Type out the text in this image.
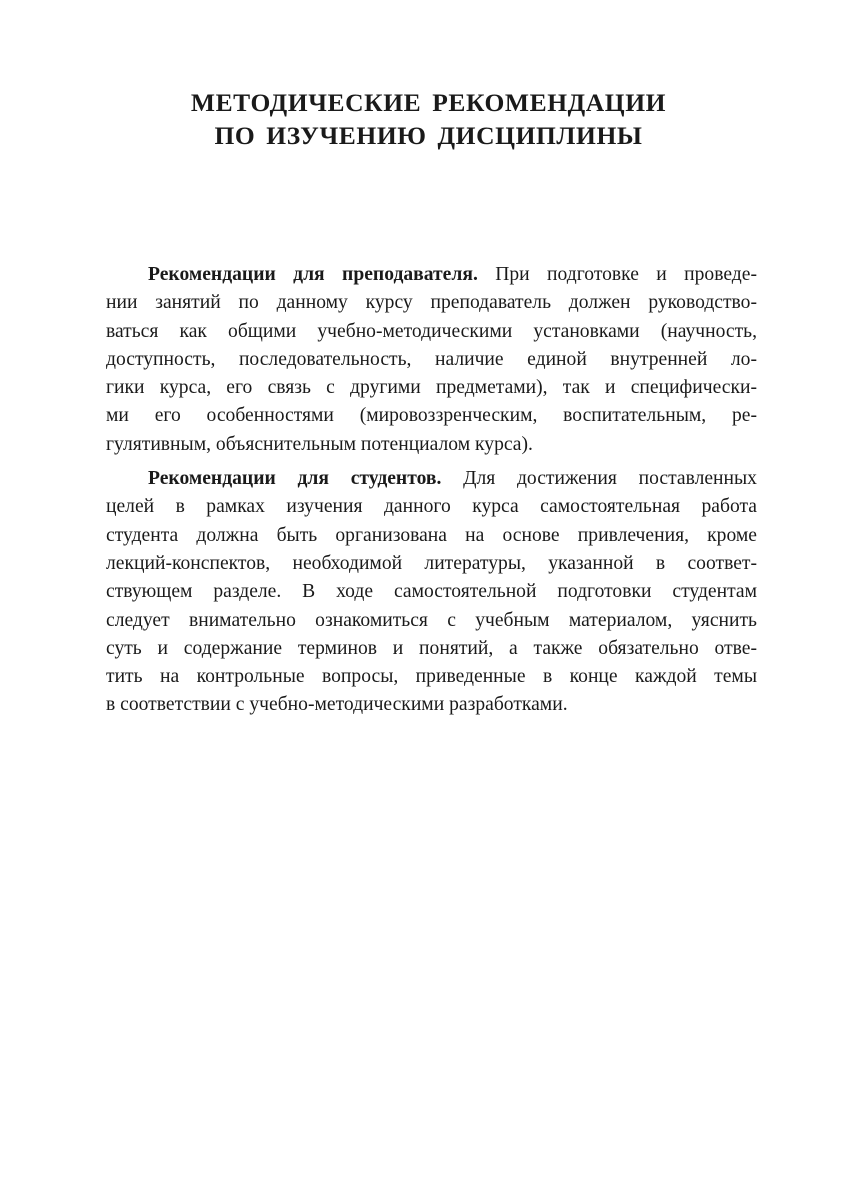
МЕТОДИЧЕСКИЕ РЕКОМЕНДАЦИИ
ПО ИЗУЧЕНИЮ ДИСЦИПЛИНЫ
Рекомендации для преподавателя. При подготовке и проведе-
нии занятий по данному курсу преподаватель должен руководство-
ваться как общими учебно-методическими установками (научность,
доступность, последовательность, наличие единой внутренней ло-
гики курса, его связь с другими предметами), так и специфически-
ми его особенностями (мировоззренческим, воспитательным, ре-
гулятивным, объяснительным потенциалом курса).
Рекомендации для студентов. Для достижения поставленных
целей в рамках изучения данного курса самостоятельная работа
студента должна быть организована на основе привлечения, кроме
лекций-конспектов, необходимой литературы, указанной в соответ-
ствующем разделе. В ходе самостоятельной подготовки студентам
следует внимательно ознакомиться с учебным материалом, уяснить
суть и содержание терминов и понятий, а также обязательно отве-
тить на контрольные вопросы, приведенные в конце каждой темы
в соответствии с учебно-методическими разработками.
